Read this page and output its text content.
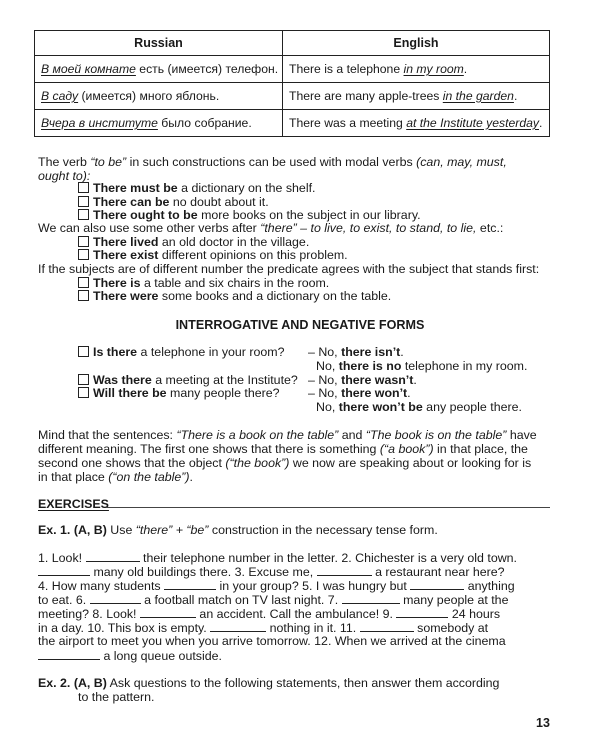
Russian	English
В моей комнате есть (имеется) телефон.	There is a telephone in my room.
В саду (имеется) много яблонь.	There are many apple-trees in the garden.
Вчера в институте было собрание.	There was a meeting at the Institute yesterday.
The verb “to be” in such constructions can be used with modal verbs (can, may, must,
ought to):
There must be a dictionary on the shelf.
There can be no doubt about it.
There ought to be more books on the subject in our library.
We can also use some other verbs after “there” – to live, to exist, to stand, to lie, etc.:
There lived an old doctor in the village.
There exist different opinions on this problem.
If the subjects are of different number the predicate agrees with the subject that stands first:
There is a table and six chairs in the room.
There were some books and a dictionary on the table.
INTERROGATIVE AND NEGATIVE FORMS
Is there a telephone in your room? – No, there isn’t.
No, there is no telephone in my room.
Was there a meeting at the Institute? – No, there wasn’t.
Will there be many people there? – No, there won’t.
No, there won’t be any people there.
Mind that the sentences: “There is a book on the table” and “The book is on the table” have
different meaning. The first one shows that there is something (“a book”) in that place, the
second one shows that the object (“the book”) we now are speaking about or looking for is
in that place (“on the table”).
EXERCISES
Ex. 1. (A, B) Use “there” + “be” construction in the necessary tense form.
1. Look!	their telephone number in the letter. 2. Chichester is a very old town.
many old buildings there. 3. Excuse me,	a restaurant near here?
4. How many students	in your group? 5. I was hungry but	anything
to eat. 6.	a football match on TV last night. 7.	many people at the
meeting? 8. Look!	an accident. Call the ambulance! 9.	24 hours
in a day. 10. This box is empty.	nothing in it. 11.	somebody at
the airport to meet you when you arrive tomorrow. 12. When we arrived at the cinema
a long queue outside.
Ex. 2. (A, B) Ask questions to the following statements, then answer them according
to the pattern.
13
